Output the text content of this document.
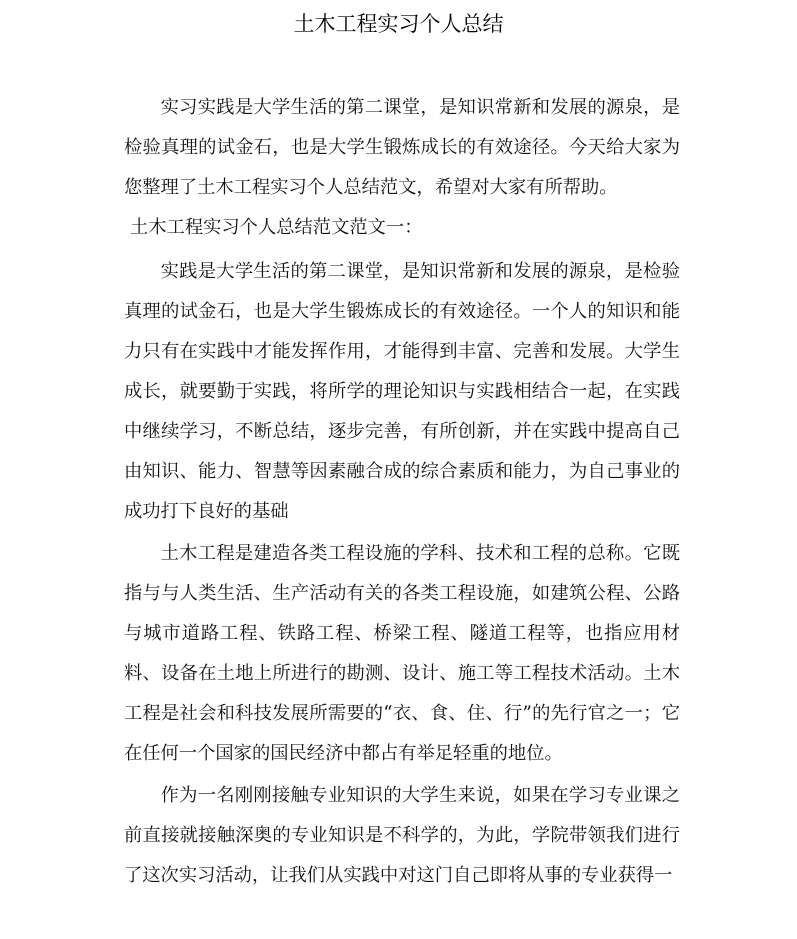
土木工程实习个人总结

实习实践是大学生活的第二课堂，是知识常新和发展的源泉，是检验真理的试金石，也是大学生锻炼成长的有效途径。今天给大家为您整理了土木工程实习个人总结范文，希望对大家有所帮助。

土木工程实习个人总结范文范文一：

实践是大学生活的第二课堂，是知识常新和发展的源泉，是检验真理的试金石，也是大学生锻炼成长的有效途径。一个人的知识和能力只有在实践中才能发挥作用，才能得到丰富、完善和发展。大学生成长，就要勤于实践，将所学的理论知识与实践相结合一起，在实践中继续学习，不断总结，逐步完善，有所创新，并在实践中提高自己由知识、能力、智慧等因素融合成的综合素质和能力，为自己事业的成功打下良好的基础

土木工程是建造各类工程设施的学科、技术和工程的总称。它既指与与人类生活、生产活动有关的各类工程设施，如建筑公程、公路与城市道路工程、铁路工程、桥梁工程、隧道工程等，也指应用材料、设备在土地上所进行的勘测、设计、施工等工程技术活动。土木工程是社会和科技发展所需要的“衣、食、住、行”的先行官之一；它在任何一个国家的国民经济中都占有举足轻重的地位。

作为一名刚刚接触专业知识的大学生来说，如果在学习专业课之前直接就接触深奥的专业知识是不科学的，为此，学院带领我们进行了这次实习活动，让我们从实践中对这门自己即将从事的专业获得一
